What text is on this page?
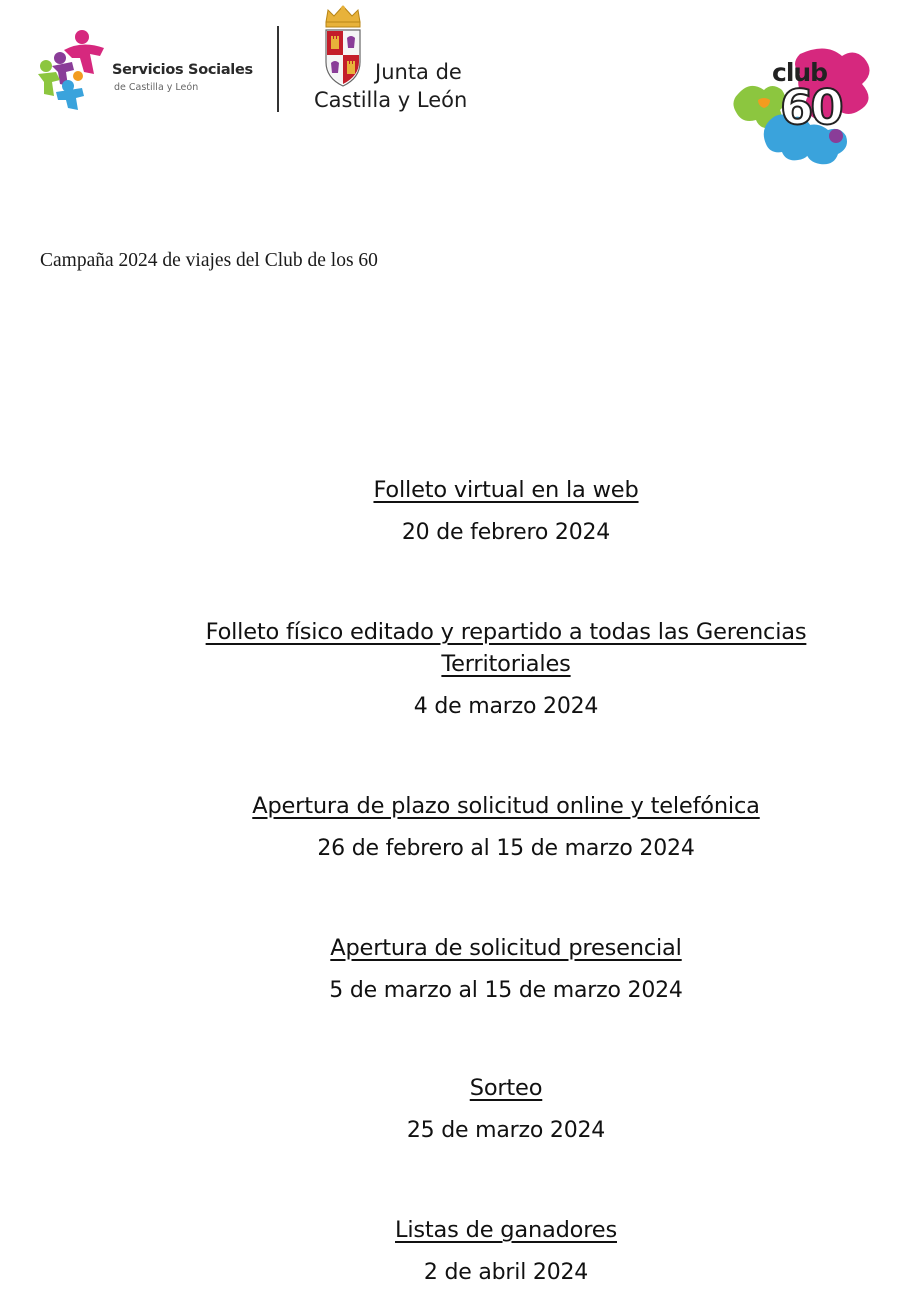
Servicios Sociales
de Castilla y León
Junta de
Castilla y León
club
60
Campaña 2024 de viajes del Club de los 60
Folleto virtual en la web
20 de febrero 2024
Folleto físico editado y repartido a todas las Gerencias Territoriales
4 de marzo 2024
Apertura de plazo solicitud online y telefónica
26 de febrero al 15 de marzo 2024
Apertura de solicitud presencial
5 de marzo al 15 de marzo 2024
Sorteo
25 de marzo 2024
Listas de ganadores
2 de abril 2024
